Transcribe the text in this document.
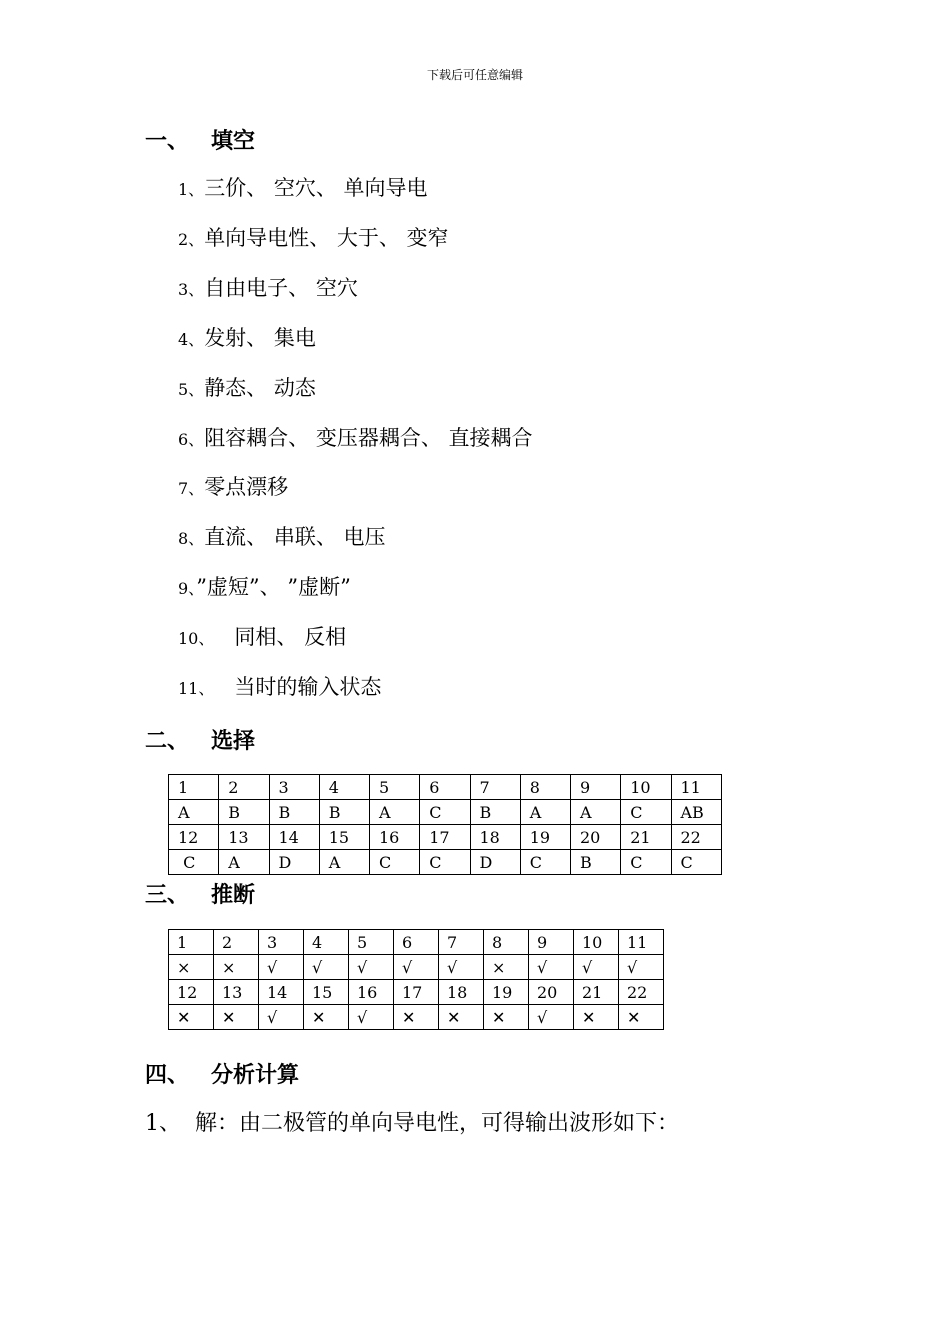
下载后可任意编辑
一、 填空
1、三价、 空穴、 单向导电
2、单向导电性、 大于、 变窄
3、自由电子、 空穴
4、发射、 集电
5、静态、 动态
6、阻容耦合、 变压器耦合、 直接耦合
7、零点漂移
8、直流、 串联、 电压
9、”虚短”、 ”虚断”
10、   同相、 反相
11、   当时的输入状态
二、 选择
1	2	3	4	5	6	7	8	9	10	11
A	B	B	B	A	C	B	A	A	C	AB
12	13	14	15	16	17	18	19	20	21	22
C	A	D	A	C	C	D	C	B	C	C
三、 推断
1	2	3	4	5	6	7	8	9	10	11
×	×	√	√	√	√	√	×	√	√	√
12	13	14	15	16	17	18	19	20	21	22
✕	✕	√	✕	√	✕	✕	✕	√	✕	✕
四、 分析计算
1、  解：由二极管的单向导电性，可得输出波形如下：
